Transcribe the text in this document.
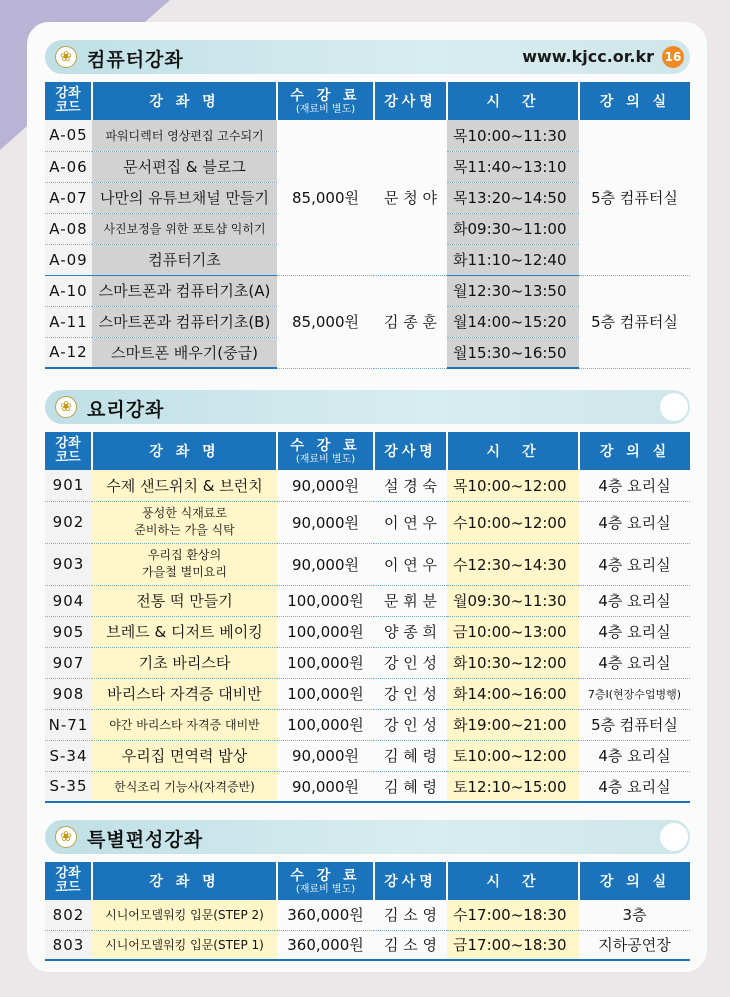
❀ 컴퓨터강좌	www.kjcc.or.kr 16
강좌
코드	강 좌 명	수 강 료
(재료비 별도)	강사명	시　간	강 의 실
A-05	파워디렉터 영상편집 고수되기	85,000원	문 청 야	목10:00~11:30	5층 컴퓨터실
A-06	문서편집 & 블로그			목11:40~13:10	
A-07	나만의 유튜브채널 만들기			목13:20~14:50	
A-08	사진보정을 위한 포토샵 익히기			화09:30~11:00	
A-09	컴퓨터기초			화11:10~12:40	
A-10	스마트폰과 컴퓨터기초(A)	85,000원	김 종 훈	월12:30~13:50	5층 컴퓨터실
A-11	스마트폰과 컴퓨터기초(B)			월14:00~15:20	
A-12	스마트폰 배우기(중급)			월15:30~16:50	
❀ 요리강좌
강좌
코드	강 좌 명	수 강 료
(재료비 별도)	강사명	시　간	강 의 실
901	수제 샌드위치 & 브런치	90,000원	설 경 숙	목10:00~12:00	4층 요리실
902	풍성한 식재료로
준비하는 가을 식탁	90,000원	이 연 우	수10:00~12:00	4층 요리실
903	우리집 환상의
가을철 별미요리	90,000원	이 연 우	수12:30~14:30	4층 요리실
904	전통 떡 만들기	100,000원	문 휘 분	월09:30~11:30	4층 요리실
905	브레드 & 디저트 베이킹	100,000원	양 종 희	금10:00~13:00	4층 요리실
907	기초 바리스타	100,000원	강 인 성	화10:30~12:00	4층 요리실
908	바리스타 자격증 대비반	100,000원	강 인 성	화14:00~16:00	7층Ⅰ(현장수업병행)
N-71	야간 바리스타 자격증 대비반	100,000원	강 인 성	화19:00~21:00	5층 컴퓨터실
S-34	우리집 면역력 밥상	90,000원	김 혜 령	토10:00~12:00	4층 요리실
S-35	한식조리 기능사(자격증반)	90,000원	김 혜 령	토12:10~15:00	4층 요리실
❀ 특별편성강좌
강좌
코드	강 좌 명	수 강 료
(재료비 별도)	강사명	시　간	강 의 실
802	시니어모델워킹 입문(STEP 2)	360,000원	김 소 영	수17:00~18:30	3층
803	시니어모델워킹 입문(STEP 1)	360,000원	김 소 영	금17:00~18:30	지하공연장
